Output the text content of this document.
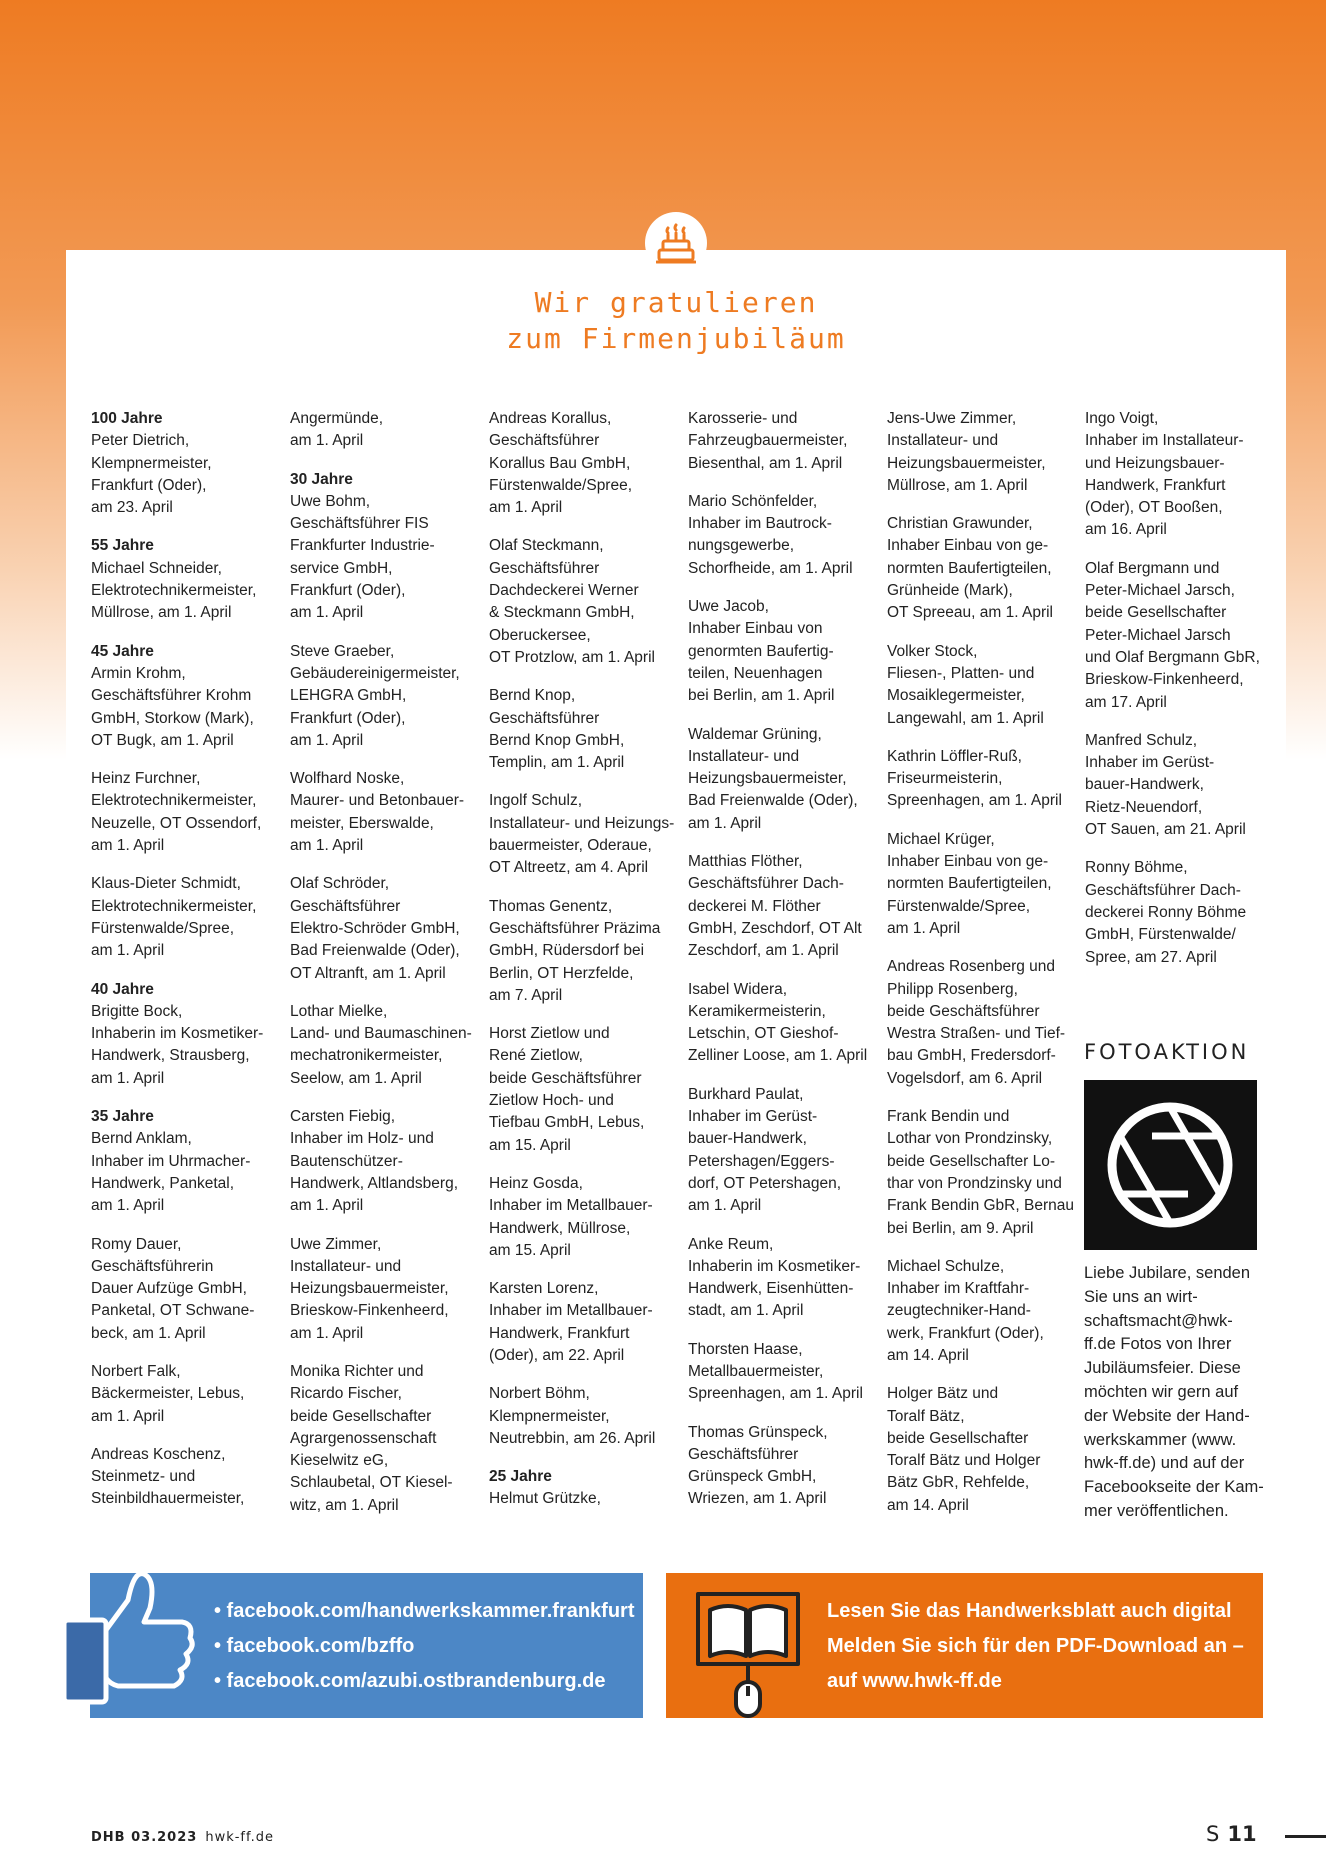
Wir gratulieren
zum Firmenjubiläum
100 Jahre
Peter Dietrich,
Klempnermeister,
Frankfurt (Oder),
am 23. April
55 Jahre
Michael Schneider,
Elektrotechnikermeister,
Müllrose, am 1. April
45 Jahre
Armin Krohm,
Geschäftsführer Krohm
GmbH, Storkow (Mark),
OT Bugk, am 1. April
Heinz Furchner,
Elektrotechnikermeister,
Neuzelle, OT Ossendorf,
am 1. April
Klaus-Dieter Schmidt,
Elektrotechnikermeister,
Fürstenwalde/Spree,
am 1. April
40 Jahre
Brigitte Bock,
Inhaberin im Kosmetiker-
Handwerk, Strausberg,
am 1. April
35 Jahre
Bernd Anklam,
Inhaber im Uhrmacher-
Handwerk, Panketal,
am 1. April
Romy Dauer,
Geschäftsführerin
Dauer Aufzüge GmbH,
Panketal, OT Schwane-
beck, am 1. April
Norbert Falk,
Bäckermeister, Lebus,
am 1. April
Andreas Koschenz,
Steinmetz- und
Steinbildhauermeister,
Angermünde,
am 1. April
30 Jahre
Uwe Bohm,
Geschäftsführer FIS
Frankfurter Industrie-
service GmbH,
Frankfurt (Oder),
am 1. April
Steve Graeber,
Gebäudereinigermeister,
LEHGRA GmbH,
Frankfurt (Oder),
am 1. April
Wolfhard Noske,
Maurer- und Betonbauer-
meister, Eberswalde,
am 1. April
Olaf Schröder,
Geschäftsführer
Elektro-Schröder GmbH,
Bad Freienwalde (Oder),
OT Altranft, am 1. April
Lothar Mielke,
Land- und Baumaschinen-
mechatronikermeister,
Seelow, am 1. April
Carsten Fiebig,
Inhaber im Holz- und
Bautenschützer-
Handwerk, Altlandsberg,
am 1. April
Uwe Zimmer,
Installateur- und
Heizungsbauermeister,
Brieskow-Finkenheerd,
am 1. April
Monika Richter und
Ricardo Fischer,
beide Gesellschafter
Agrargenossenschaft
Kieselwitz eG,
Schlaubetal, OT Kiesel-
witz, am 1. April
Andreas Korallus,
Geschäftsführer
Korallus Bau GmbH,
Fürstenwalde/Spree,
am 1. April
Olaf Steckmann,
Geschäftsführer
Dachdeckerei Werner
& Steckmann GmbH,
Oberuckersee,
OT Protzlow, am 1. April
Bernd Knop,
Geschäftsführer
Bernd Knop GmbH,
Templin, am 1. April
Ingolf Schulz,
Installateur- und Heizungs-
bauermeister, Oderaue,
OT Altreetz, am 4. April
Thomas Genentz,
Geschäftsführer Präzima
GmbH, Rüdersdorf bei
Berlin, OT Herzfelde,
am 7. April
Horst Zietlow und
René Zietlow,
beide Geschäftsführer
Zietlow Hoch- und
Tiefbau GmbH, Lebus,
am 15. April
Heinz Gosda,
Inhaber im Metallbauer-
Handwerk, Müllrose,
am 15. April
Karsten Lorenz,
Inhaber im Metallbauer-
Handwerk, Frankfurt
(Oder), am 22. April
Norbert Böhm,
Klempnermeister,
Neutrebbin, am 26. April
25 Jahre
Helmut Grützke,
Karosserie- und
Fahrzeugbauermeister,
Biesenthal, am 1. April
Mario Schönfelder,
Inhaber im Bautrock-
nungsgewerbe,
Schorfheide, am 1. April
Uwe Jacob,
Inhaber Einbau von
genormten Baufertig-
teilen, Neuenhagen
bei Berlin, am 1. April
Waldemar Grüning,
Installateur- und
Heizungsbauermeister,
Bad Freienwalde (Oder),
am 1. April
Matthias Flöther,
Geschäftsführer Dach-
deckerei M. Flöther
GmbH, Zeschdorf, OT Alt
Zeschdorf, am 1. April
Isabel Widera,
Keramikermeisterin,
Letschin, OT Gieshof-
Zelliner Loose, am 1. April
Burkhard Paulat,
Inhaber im Gerüst-
bauer-Handwerk,
Petershagen/Eggers-
dorf, OT Petershagen,
am 1. April
Anke Reum,
Inhaberin im Kosmetiker-
Handwerk, Eisenhütten-
stadt, am 1. April
Thorsten Haase,
Metallbauermeister,
Spreenhagen, am 1. April
Thomas Grünspeck,
Geschäftsführer
Grünspeck GmbH,
Wriezen, am 1. April
Jens-Uwe Zimmer,
Installateur- und
Heizungsbauermeister,
Müllrose, am 1. April
Christian Grawunder,
Inhaber Einbau von ge-
normten Baufertigteilen,
Grünheide (Mark),
OT Spreeau, am 1. April
Volker Stock,
Fliesen-, Platten- und
Mosaiklegermeister,
Langewahl, am 1. April
Kathrin Löffler-Ruß,
Friseurmeisterin,
Spreenhagen, am 1. April
Michael Krüger,
Inhaber Einbau von ge-
normten Baufertigteilen,
Fürstenwalde/Spree,
am 1. April
Andreas Rosenberg und
Philipp Rosenberg,
beide Geschäftsführer
Westra Straßen- und Tief-
bau GmbH, Fredersdorf-
Vogelsdorf, am 6. April
Frank Bendin und
Lothar von Prondzinsky,
beide Gesellschafter Lo-
thar von Prondzinsky und
Frank Bendin GbR, Bernau
bei Berlin, am 9. April
Michael Schulze,
Inhaber im Kraftfahr-
zeugtechniker-Hand-
werk, Frankfurt (Oder),
am 14. April
Holger Bätz und
Toralf Bätz,
beide Gesellschafter
Toralf Bätz und Holger
Bätz GbR, Rehfelde,
am 14. April
Ingo Voigt,
Inhaber im Installateur-
und Heizungsbauer-
Handwerk, Frankfurt
(Oder), OT Booßen,
am 16. April
Olaf Bergmann und
Peter-Michael Jarsch,
beide Gesellschafter
Peter-Michael Jarsch
und Olaf Bergmann GbR,
Brieskow-Finkenheerd,
am 17. April
Manfred Schulz,
Inhaber im Gerüst-
bauer-Handwerk,
Rietz-Neuendorf,
OT Sauen, am 21. April
Ronny Böhme,
Geschäftsführer Dach-
deckerei Ronny Böhme
GmbH, Fürstenwalde/
Spree, am 27. April
FOTOAKTION
Liebe Jubilare, senden Sie uns an wirt-schaftsmacht@hwk-ff.de Fotos von Ihrer Jubiläumsfeier. Diese möchten wir gern auf der Website der Hand-werkskammer (www. hwk-ff.de) und auf der Facebookseite der Kam-mer veröffentlichen.
• facebook.com/handwerkskammer.frankfurt
• facebook.com/bzffo
• facebook.com/azubi.ostbrandenburg.de
Lesen Sie das Handwerksblatt auch digital
Melden Sie sich für den PDF-Download an –
auf www.hwk-ff.de
DHB 03.2023 hwk-ff.de	S 11
